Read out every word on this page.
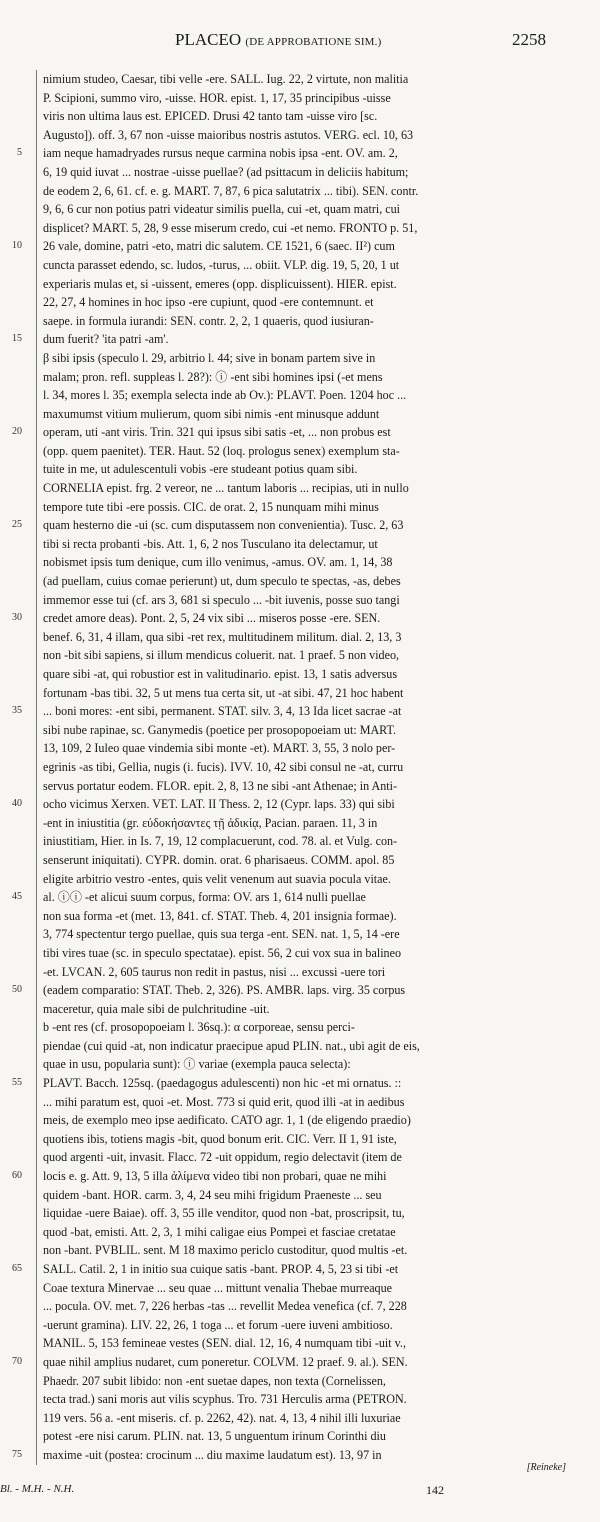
PLACEO (DE APPROBATIONE SIM.)	2258
5
10
15
20
25
30
35
40
45
50
55
60
65
70
75
nimium studeo, Caesar, tibi velle -ere. SALL. Iug. 22, 2 virtute, non malitia
P. Scipioni, summo viro, -uisse. HOR. epist. 1, 17, 35 principibus -uisse
viris non ultima laus est. EPICED. Drusi 42 tanto tam -uisse viro [sc.
Augusto]). off. 3, 67 non -uisse maioribus nostris astutos. VERG. ecl. 10, 63
iam neque hamadryades rursus neque carmina nobis ipsa -ent. OV. am. 2,
6, 19 quid iuvat ... nostrae -uisse puellae? (ad psittacum in deliciis habitum;
de eodem 2, 6, 61. cf. e. g. MART. 7, 87, 6 pica salutatrix ... tibi). SEN. contr.
9, 6, 6 cur non potius patri videatur similis puella, cui -et, quam matri, cui
displicet? MART. 5, 28, 9 esse miserum credo, cui -et nemo. FRONTO p. 51,
26 vale, domine, patri -eto, matri dic salutem. CE 1521, 6 (saec. II²) cum
cuncta parasset edendo, sc. ludos, -turus, ... obiit. VLP. dig. 19, 5, 20, 1 ut
experiaris mulas et, si -uissent, emeres (opp. displicuissent). HIER. epist.
22, 27, 4 homines in hoc ipso -ere cupiunt, quod -ere contemnunt. et
saepe. in formula iurandi: SEN. contr. 2, 2, 1 quaeris, quod iusiuran-
dum fuerit? 'ita patri -am'.
β sibi ipsis (speculo l. 29, arbitrio l. 44; sive in bonam partem sive in
malam; pron. refl. suppleas l. 28?): ⓘ -ent sibi homines ipsi (-et mens
l. 34, mores l. 35; exempla selecta inde ab Ov.): PLAVT. Poen. 1204 hoc ...
maxumumst vitium mulierum, quom sibi nimis -ent minusque addunt
operam, uti -ant viris. Trin. 321 qui ipsus sibi satis -et, ... non probus est
(opp. quem paenitet). TER. Haut. 52 (loq. prologus senex) exemplum sta-
tuite in me, ut adulescentuli vobis -ere studeant potius quam sibi.
CORNELIA epist. frg. 2 vereor, ne ... tantum laboris ... recipias, uti in nullo
tempore tute tibi -ere possis. CIC. de orat. 2, 15 nunquam mihi minus
quam hesterno die -ui (sc. cum disputassem non convenientia). Tusc. 2, 63
tibi si recta probanti -bis. Att. 1, 6, 2 nos Tusculano ita delectamur, ut
nobismet ipsis tum denique, cum illo venimus, -amus. OV. am. 1, 14, 38
(ad puellam, cuius comae perierunt) ut, dum speculo te spectas, -as, debes
immemor esse tui (cf. ars 3, 681 si speculo ... -bit iuvenis, posse suo tangi
credet amore deas). Pont. 2, 5, 24 vix sibi ... miseros posse -ere. SEN.
benef. 6, 31, 4 illam, qua sibi -ret rex, multitudinem militum. dial. 2, 13, 3
non -bit sibi sapiens, si illum mendicus coluerit. nat. 1 praef. 5 non video,
quare sibi -at, qui robustior est in valitudinario. epist. 13, 1 satis adversus
fortunam -bas tibi. 32, 5 ut mens tua certa sit, ut -at sibi. 47, 21 hoc habent
... boni mores: -ent sibi, permanent. STAT. silv. 3, 4, 13 Ida licet sacrae -at
sibi nube rapinae, sc. Ganymedis (poetice per prosopopoeiam ut: MART.
13, 109, 2 Iuleo quae vindemia sibi monte -et). MART. 3, 55, 3 nolo per-
egrinis -as tibi, Gellia, nugis (i. fucis). IVV. 10, 42 sibi consul ne -at, curru
servus portatur eodem. FLOR. epit. 2, 8, 13 ne sibi -ant Athenae; in Anti-
ocho vicimus Xerxen. VET. LAT. II Thess. 2, 12 (Cypr. laps. 33) qui sibi
-ent in iniustitia (gr. εὐδοκήσαντες τῇ ἀδικίᾳ, Pacian. paraen. 11, 3 in
iniustitiam, Hier. in Is. 7, 19, 12 complacuerunt, cod. 78. al. et Vulg. con-
senserunt iniquitati). CYPR. domin. orat. 6 pharisaeus. COMM. apol. 85
eligite arbitrio vestro -entes, quis velit venenum aut suavia pocula vitae.
al. ⓘⓘ -et alicui suum corpus, forma: OV. ars 1, 614 nulli puellae
non sua forma -et (met. 13, 841. cf. STAT. Theb. 4, 201 insignia formae).
3, 774 spectentur tergo puellae, quis sua terga -ent. SEN. nat. 1, 5, 14 -ere
tibi vires tuae (sc. in speculo spectatae). epist. 56, 2 cui vox sua in balineo
-et. LVCAN. 2, 605 taurus non redit in pastus, nisi ... excussi -uere tori
(eadem comparatio: STAT. Theb. 2, 326). PS. AMBR. laps. virg. 35 corpus
maceretur, quia male sibi de pulchritudine -uit.
b -ent res (cf. prosopopoeiam l. 36sq.): α corporeae, sensu perci-
piendae (cui quid -at, non indicatur praecipue apud PLIN. nat., ubi agit de eis,
quae in usu, popularia sunt): ⓘ variae (exempla pauca selecta):
PLAVT. Bacch. 125sq. (paedagogus adulescenti) non hic -et mi ornatus. ::
... mihi paratum est, quoi -et. Most. 773 si quid erit, quod illi -at in aedibus
meis, de exemplo meo ipse aedificato. CATO agr. 1, 1 (de eligendo praedio)
quotiens ibis, totiens magis -bit, quod bonum erit. CIC. Verr. II 1, 91 iste,
quod argenti -uit, invasit. Flacc. 72 -uit oppidum, regio delectavit (item de
locis e. g. Att. 9, 13, 5 illa ἀλίμενα video tibi non probari, quae ne mihi
quidem -bant. HOR. carm. 3, 4, 24 seu mihi frigidum Praeneste ... seu
liquidae -uere Baiae). off. 3, 55 ille venditor, quod non -bat, proscripsit, tu,
quod -bat, emisti. Att. 2, 3, 1 mihi caligae eius Pompei et fasciae cretatae
non -bant. PVBLIL. sent. M 18 maximo periclo custoditur, quod multis -et.
SALL. Catil. 2, 1 in initio sua cuique satis -bant. PROP. 4, 5, 23 si tibi -et
Coae textura Minervae ... seu quae ... mittunt venalia Thebae murreaque
... pocula. OV. met. 7, 226 herbas -tas ... revellit Medea venefica (cf. 7, 228
-uerunt gramina). LIV. 22, 26, 1 toga ... et forum -uere iuveni ambitioso.
MANIL. 5, 153 femineae vestes (SEN. dial. 12, 16, 4 numquam tibi -uit v.,
quae nihil amplius nudaret, cum poneretur. COLVM. 12 praef. 9. al.). SEN.
Phaedr. 207 subit libido: non -ent suetae dapes, non texta (Cornelissen,
tecta trad.) sani moris aut vilis scyphus. Tro. 731 Herculis arma (PETRON.
119 vers. 56 a. -ent miseris. cf. p. 2262, 42). nat. 4, 13, 4 nihil illi luxuriae
potest -ere nisi carum. PLIN. nat. 13, 5 unguentum irinum Corinthi diu
maxime -uit (postea: crocinum ... diu maxime laudatum est). 13, 97 in
[Reineke]
Bl. - M.H. - N.H.	142
